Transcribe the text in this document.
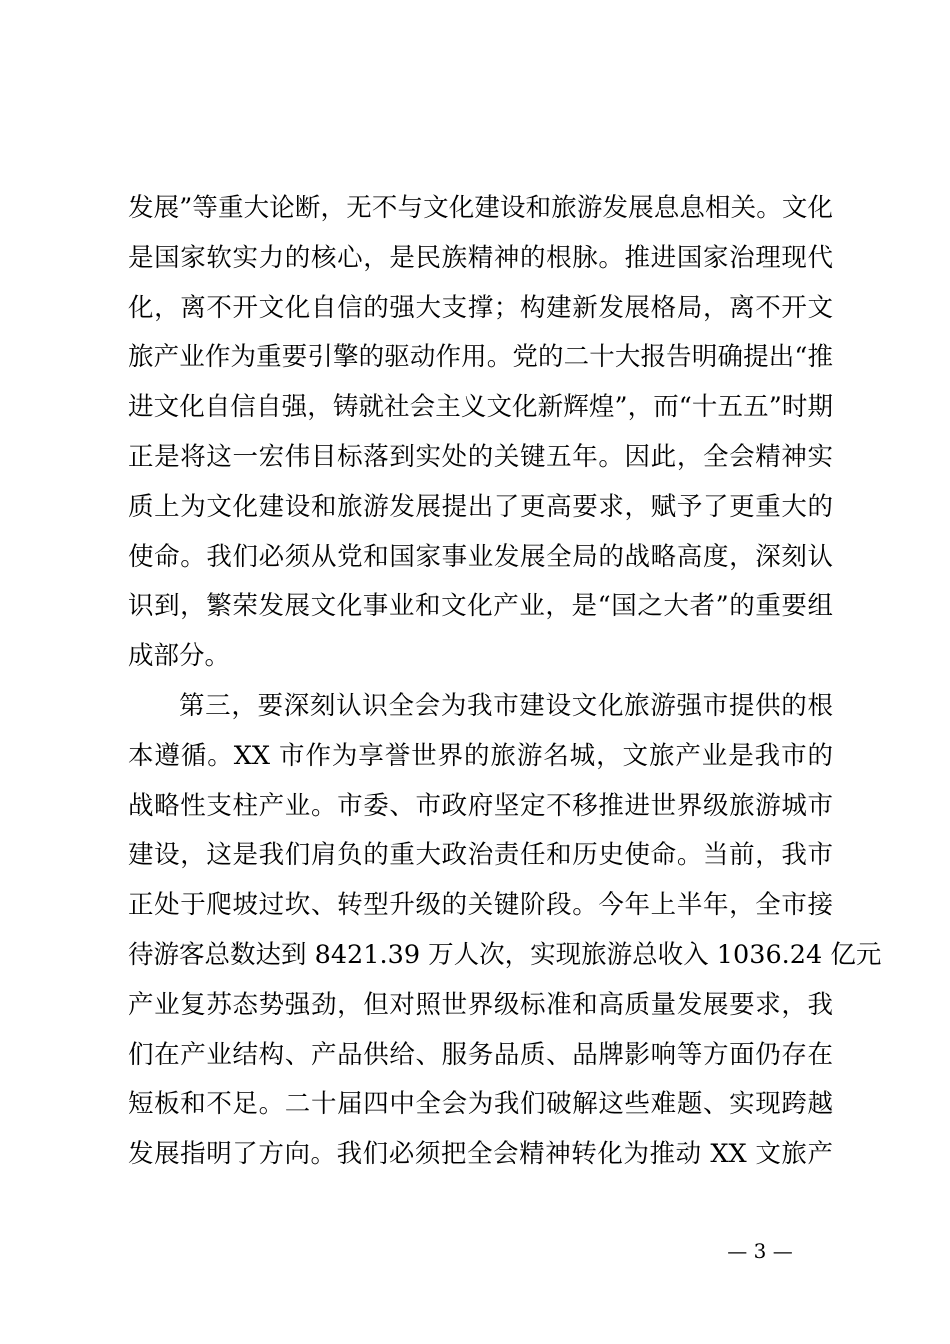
发展”等重大论断，无不与文化建设和旅游发展息息相关。文化
是国家软实力的核心，是民族精神的根脉。推进国家治理现代
化，离不开文化自信的强大支撑；构建新发展格局，离不开文
旅产业作为重要引擎的驱动作用。党的二十大报告明确提出“推
进文化自信自强，铸就社会主义文化新辉煌”，而“十五五”时期
正是将这一宏伟目标落到实处的关键五年。因此，全会精神实
质上为文化建设和旅游发展提出了更高要求，赋予了更重大的
使命。我们必须从党和国家事业发展全局的战略高度，深刻认
识到，繁荣发展文化事业和文化产业，是“国之大者”的重要组
成部分。
第三，要深刻认识全会为我市建设文化旅游强市提供的根
本遵循。XX 市作为享誉世界的旅游名城，文旅产业是我市的
战略性支柱产业。市委、市政府坚定不移推进世界级旅游城市
建设，这是我们肩负的重大政治责任和历史使命。当前，我市
正处于爬坡过坎、转型升级的关键阶段。今年上半年，全市接
待游客总数达到 8421.39 万人次，实现旅游总收入 1036.24 亿元
产业复苏态势强劲，但对照世界级标准和高质量发展要求，我
们在产业结构、产品供给、服务品质、品牌影响等方面仍存在
短板和不足。二十届四中全会为我们破解这些难题、实现跨越
发展指明了方向。我们必须把全会精神转化为推动 XX 文旅产
— 3 —
